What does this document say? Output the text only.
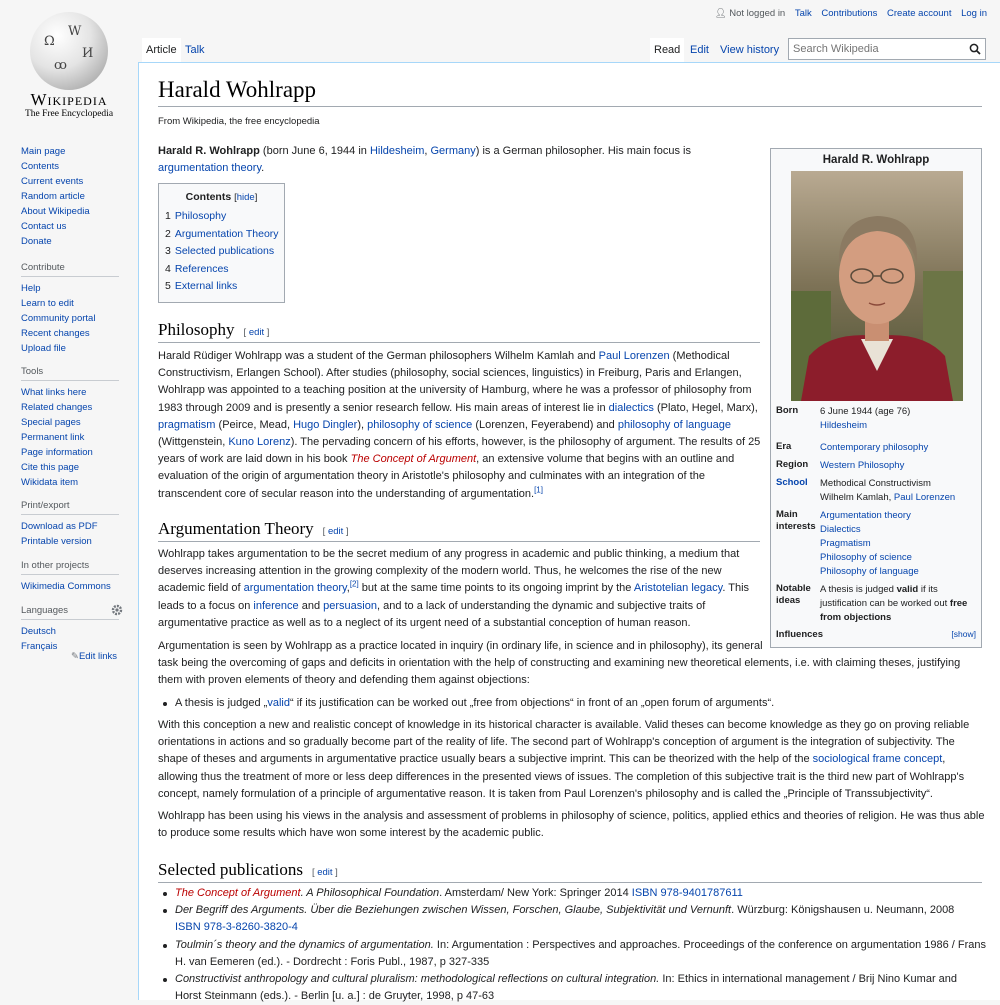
Ω
W
И
ꝏ
Wikipedia
The Free Encyclopedia
Main page
Contents
Current events
Random article
About Wikipedia
Contact us
Donate
Contribute
Help
Learn to edit
Community portal
Recent changes
Upload file
Tools
What links here
Related changes
Special pages
Permanent link
Page information
Cite this page
Wikidata item
Print/export
Download as PDF
Printable version
In other projects
Wikimedia Commons
Languages
Deutsch
Français
✎Edit links
👤︎ Not logged in Talk Contributions Create account Log in
Article Talk	Read Edit	View history
Search Wikipedia
Harald Wohlrapp
From Wikipedia, the free encyclopedia
Harald R. Wohlrapp (born June 6, 1944 in Hildesheim, Germany) is a German philosopher. His main focus is argumentation theory.
Contents [hide]
1 Philosophy
2 Argumentation Theory
3 Selected publications
4 References
5 External links
Philosophy [ edit ]
Harald Rüdiger Wohlrapp was a student of the German philosophers Wilhelm Kamlah and Paul Lorenzen (Methodical
Constructivism, Erlangen School). After studies (philosophy, social sciences, linguistics) in Freiburg, Paris and Erlangen,
Wohlrapp was appointed to a teaching position at the university of Hamburg, where he was a professor of philosophy from
1983 through 2009 and is presently a senior research fellow. His main areas of interest lie in dialectics (Plato, Hegel, Marx),
pragmatism (Peirce, Mead, Hugo Dingler), philosophy of science (Lorenzen, Feyerabend) and philosophy of language
(Wittgenstein, Kuno Lorenz). The pervading concern of his efforts, however, is the philosophy of argument. The results of 25
years of work are laid down in his book The Concept of Argument, an extensive volume that begins with an outline and
evaluation of the origin of argumentation theory in Aristotle's philosophy and culminates with an integration of the
transcendent core of secular reason into the understanding of argumentation.[1]
Argumentation Theory [ edit ]
Wohlrapp takes argumentation to be the secret medium of any progress in academic and public thinking, a medium that
deserves increasing attention in the growing complexity of the modern world. Thus, he welcomes the rise of the new
academic field of argumentation theory,[2] but at the same time points to its ongoing imprint by the Aristotelian legacy. This
leads to a focus on inference and persuasion, and to a lack of understanding the dynamic and subjective traits of
argumentative practice as well as to a neglect of its urgent need of a substantial conception of human reason.
Argumentation is seen by Wohlrapp as a practice located in inquiry (in ordinary life, in science and in philosophy), its general
task being the overcoming of gaps and deficits in orientation with the help of constructing and examining new theoretical elements, i.e. with claiming theses, justifying
them with proven elements of theory and defending them against objections:
A thesis is judged „valid“ if its justification can be worked out „free from objections“ in front of an „open forum of arguments“.
With this conception a new and realistic concept of knowledge in its historical character is available. Valid theses can become knowledge as they go on proving reliable
orientations in actions and so gradually become part of the reality of life. The second part of Wohlrapp's conception of argument is the integration of subjectivity. The
shape of theses and arguments in argumentative practice usually bears a subjective imprint. This can be theorized with the help of the sociological frame concept,
allowing thus the treatment of more or less deep differences in the presented views of issues. The completion of this subjective trait is the third new part of Wohlrapp's
concept, namely formulation of a principle of argumentative reason. It is taken from Paul Lorenzen's philosophy and is called the „Principle of Transsubjectivity“.
Wohlrapp has been using his views in the analysis and assessment of problems in philosophy of science, politics, applied ethics and theories of religion. He was thus able
to produce some results which have won some interest by the academic public.
Selected publications [ edit ]
The Concept of Argument. A Philosophical Foundation. Amsterdam/ New York: Springer 2014 ISBN 978-9401787611
Der Begriff des Arguments. Über die Beziehungen zwischen Wissen, Forschen, Glaube, Subjektivität und Vernunft. Würzburg: Königshausen u. Neumann, 2008
ISBN 978-3-8260-3820-4
Toulmin´s theory and the dynamics of argumentation. In: Argumentation : Perspectives and approaches. Proceedings of the conference on argumentation 1986 / Frans
H. van Eemeren (ed.). - Dordrecht : Foris Publ., 1987, p 327-335
Constructivist anthropology and cultural pluralism: methodological reflections on cultural integration. In: Ethics in international management / Brij Nino Kumar and
Horst Steinmann (eds.). - Berlin [u. a.] : de Gruyter, 1998, p 47-63
Harald R. Wohlrapp
Born 6 June 1944 (age 76)
Hildesheim
Era	Contemporary philosophy
Region Western Philosophy
School Methodical Constructivism
Wilhelm Kamlah, Paul Lorenzen
Main interests
Argumentation theory
Dialectics
Pragmatism
Philosophy of science
Philosophy of language
Notable ideas
A thesis is judged valid if its justification can be worked out free from objections
Influences	[show]
